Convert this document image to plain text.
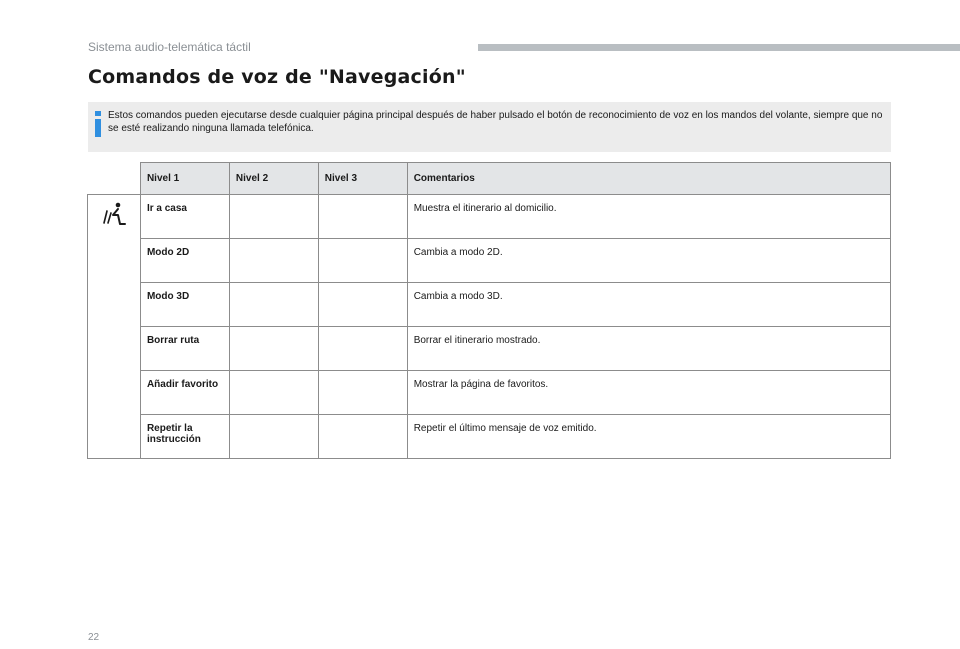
Sistema audio-telemática táctil
Comandos de voz de "Navegación"
Estos comandos pueden ejecutarse desde cualquier página principal después de haber pulsado el botón de reconocimiento de voz en los mandos del volante, siempre que no se esté realizando ninguna llamada telefónica.
	Nivel 1	Nivel 2	Nivel 3	Comentarios
	Ir a casa			Muestra el itinerario al domicilio.
	Modo 2D			Cambia a modo 2D.
	Modo 3D			Cambia a modo 3D.
	Borrar ruta			Borrar el itinerario mostrado.
	Añadir favorito			Mostrar la página de favoritos.
	Repetir la instrucción			Repetir el último mensaje de voz emitido.
22
